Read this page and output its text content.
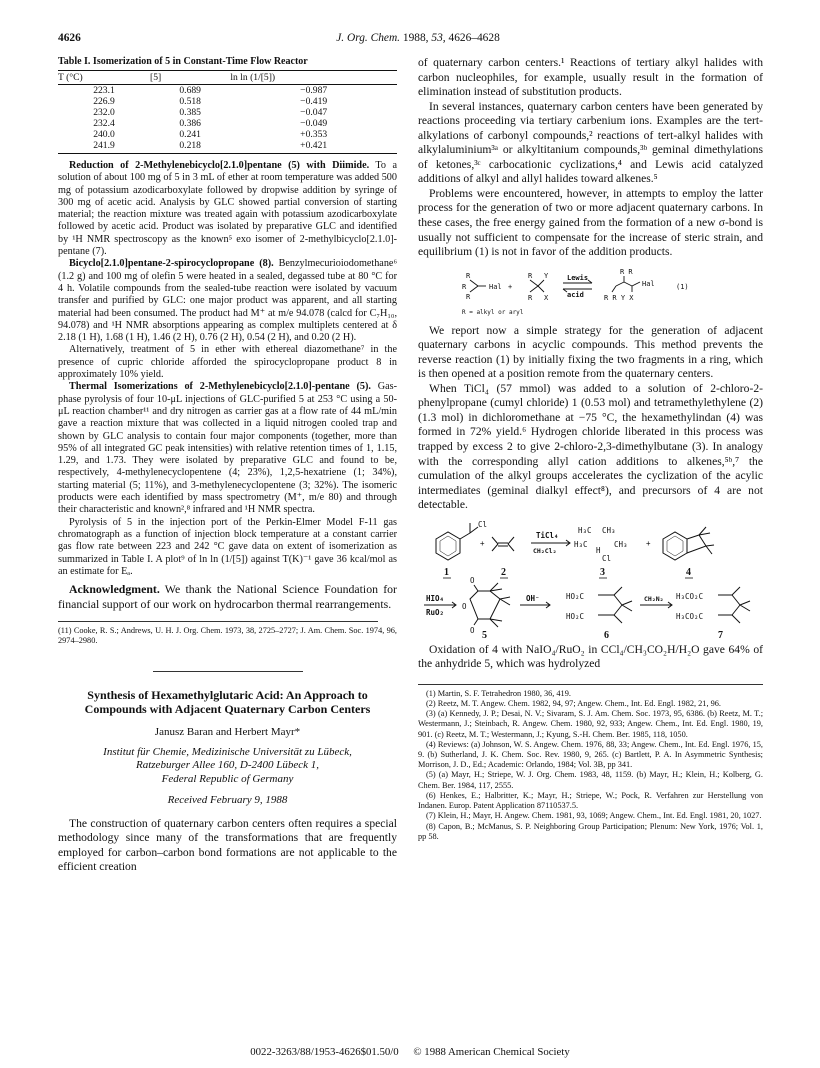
4626	J. Org. Chem. 1988, 53, 4626–4628

Table I. Isomerization of 5 in Constant-Time Flow Reactor

T (°C)	[5]	ln ln (1/[5])
223.1	0.689	−0.987
226.9	0.518	−0.419
232.0	0.385	−0.047
232.4	0.386	−0.049
240.0	0.241	+0.353
241.9	0.218	+0.421

Reduction of 2-Methylenebicyclo[2.1.0]pentane (5) with Diimide. To a solution of about 100 mg of 5 in 3 mL of ether at room temperature was added 500 mg of potassium azodicarboxylate followed by dropwise addition by syringe of 300 mg of acetic acid. Analysis by GLC showed partial conversion of starting material; the reaction mixture was treated again with potassium azodicarboxylate followed by acetic acid. Product was isolated by preparative GLC and identified by ¹H NMR spectroscopy as the known⁵ exo isomer of 2-methylbicyclo[2.1.0]-pentane (7).

Bicyclo[2.1.0]pentane-2-spirocyclopropane (8). Benzylmecurioiodomethane⁶ (1.2 g) and 100 mg of olefin 5 were heated in a sealed, degassed tube at 80 °C for 4 h. Volatile compounds from the sealed-tube reaction were isolated by vacuum transfer and purified by GLC: one major product was apparent, and all starting material had been consumed. The product had M⁺ at m/e 94.078 (calcd for C₇H₁₀, 94.078) and ¹H NMR absorptions appearing as complex multiplets centered at δ 2.18 (1 H), 1.68 (1 H), 1.46 (2 H), 0.76 (2 H), 0.54 (2 H), and 0.20 (2 H).

Alternatively, treatment of 5 in ether with ethereal diazomethane⁷ in the presence of cupric chloride afforded the spirocyclopropane product 8 in approximately 10% yield.

Thermal Isomerizations of 2-Methylenebicyclo[2.1.0]-pentane (5). Gas-phase pyrolysis of four 10-μL injections of GLC-purified 5 at 253 °C using a 50-μL reaction chamber¹¹ and dry nitrogen as carrier gas at a flow rate of 44 mL/min gave a reaction mixture that was collected in a liquid nitrogen cooled trap and shown by GLC analysis to contain four major components (together, more than 95% of all integrated GC peak intensities) with relative retention times of 1, 1.15, 1.29, and 1.73. They were isolated by preparative GLC and found to be, respectively, 4-methylenecyclopentene (4; 23%), 1,2,5-hexatriene (1; 34%), starting material (5; 11%), and 3-methylenecyclopentene (3; 32%). The isomeric products were each identified by mass spectrometry (M⁺, m/e 80) and through their characteristic and known²,⁸ infrared and ¹H NMR spectra.

Pyrolysis of 5 in the injection port of the Perkin-Elmer Model F-11 gas chromatograph as a function of injection block temperature at a constant carrier gas flow rate between 223 and 242 °C gave data on extent of isomerization as summarized in Table I. A plot⁹ of ln ln (1/[5]) against T(K)⁻¹ gave 36 kcal/mol as an estimate for Eₐ.

Acknowledgment. We thank the National Science Foundation for financial support of our work on hydrocarbon thermal rearrangements.

(11) Cooke, R. S.; Andrews, U. H. J. Org. Chem. 1973, 38, 2725–2727; J. Am. Chem. Soc. 1974, 96, 2974–2980.
Synthesis of Hexamethylglutaric Acid: An Approach to Compounds with Adjacent Quaternary Carbon Centers
Janusz Baran and Herbert Mayr*
Institut für Chemie, Medizinische Universität zu Lübeck,
Ratzeburger Allee 160, D-2400 Lübeck 1,
Federal Republic of Germany
Received February 9, 1988

The construction of quaternary carbon centers often requires a special methodology since many of the transformations that are frequently employed for carbon–carbon bond formations are not applicable to the efficient creation

of quaternary carbon centers.¹ Reactions of tertiary alkyl halides with carbon nucleophiles, for example, usually result in the formation of elimination instead of substitution products.

In several instances, quaternary carbon centers have been generated by reactions proceeding via tertiary carbenium ions. Examples are the tert-alkylations of carbonyl compounds,² reactions of tert-alkyl halides with alkylaluminium³ᵃ or alkyltitanium compounds,³ᵇ geminal dimethylations of ketones,³ᶜ carbocationic cyclizations,⁴ and Lewis acid catalyzed additions of alkyl and allyl halides toward alkenes.⁵

Problems were encountered, however, in attempts to employ the latter process for the generation of two or more adjacent quaternary carbons. In these cases, the free energy gained from the formation of a new σ-bond is usually not sufficient to compensate for the increase of steric strain, and equilibrium (1) is not in favor of the addition products.

R
R
R
Hal +
R Y
R X
Lewis
acid
R R
Hal
R R Y X
(1)
R = alkyl or aryl

We report now a simple strategy for the generation of adjacent quaternary carbons in acyclic compounds. This method prevents the reverse reaction (1) by initially fixing the two fragments in a ring, which is then opened at a position remote from the quaternary centers.

When TiCl₄ (57 mmol) was added to a solution of 2-chloro-2-phenylpropane (cumyl chloride) 1 (0.53 mol) and tetramethylethylene (2) (1.3 mol) in dichloromethane at −75 °C, the hexamethylindan (4) was formed in 72% yield.⁶ Hydrogen chloride liberated in this process was trapped by excess 2 to give 2-chloro-2,3-dimethylbutane (3). In analogy with the corresponding allyl cation additions to alkenes,⁵ᵇ,⁷ the cumulation of the alkyl groups accelerates the cyclization of the acylic intermediates (geminal dialkyl effect⁸), and precursors of 4 are not detectable.

Cl
+
TiCl₄
CH₂Cl₂
H₃C CH₃
H₃C	CH₃
H
Cl
+
HIO₄
RuO₂
O
O
O
OH⁻	HO₂C
HO₂C
CH₂N₂ H₃CO₂C
H₃CO₂C
1	2	3	4
5	6	7

Oxidation of 4 with NaIO₄/RuO₂ in CCl₄/CH₃CO₂H/H₂O gave 64% of the anhydride 5, which was hydrolyzed

(1) Martin, S. F. Tetrahedron 1980, 36, 419.

(2) Reetz, M. T. Angew. Chem. 1982, 94, 97; Angew. Chem., Int. Ed. Engl. 1982, 21, 96.

(3) (a) Kennedy, J. P.; Desai, N. V.; Sivaram, S. J. Am. Chem. Soc. 1973, 95, 6386. (b) Reetz, M. T.; Westermann, J.; Steinbach, R. Angew. Chem. 1980, 92, 933; Angew. Chem., Int. Ed. Engl. 1980, 19, 901. (c) Reetz, M. T.; Westermann, J.; Kyung, S.-H. Chem. Ber. 1985, 118, 1050.

(4) Reviews: (a) Johnson, W. S. Angew. Chem. 1976, 88, 33; Angew. Chem., Int. Ed. Engl. 1976, 15, 9. (b) Sutherland, J. K. Chem. Soc. Rev. 1980, 9, 265. (c) Bartlett, P. A. In Asymmetric Synthesis; Morrison, J. D., Ed.; Academic: Orlando, 1984; Vol. 3B, pp 341.

(5) (a) Mayr, H.; Striepe, W. J. Org. Chem. 1983, 48, 1159. (b) Mayr, H.; Klein, H.; Kolberg, G. Chem. Ber. 1984, 117, 2555.

(6) Henkes, E.; Halbritter, K.; Mayr, H.; Striepe, W.; Pock, R. Verfahren zur Herstellung von Indanen. Europ. Patent Application 87110537.5.

(7) Klein, H.; Mayr, H. Angew. Chem. 1981, 93, 1069; Angew. Chem., Int. Ed. Engl. 1981, 20, 1027.

(8) Capon, B.; McManus, S. P. Neighboring Group Participation; Plenum: New York, 1976; Vol. 1, pp 58.

0022-3263/88/1953-4626$01.50/0 © 1988 American Chemical Society
